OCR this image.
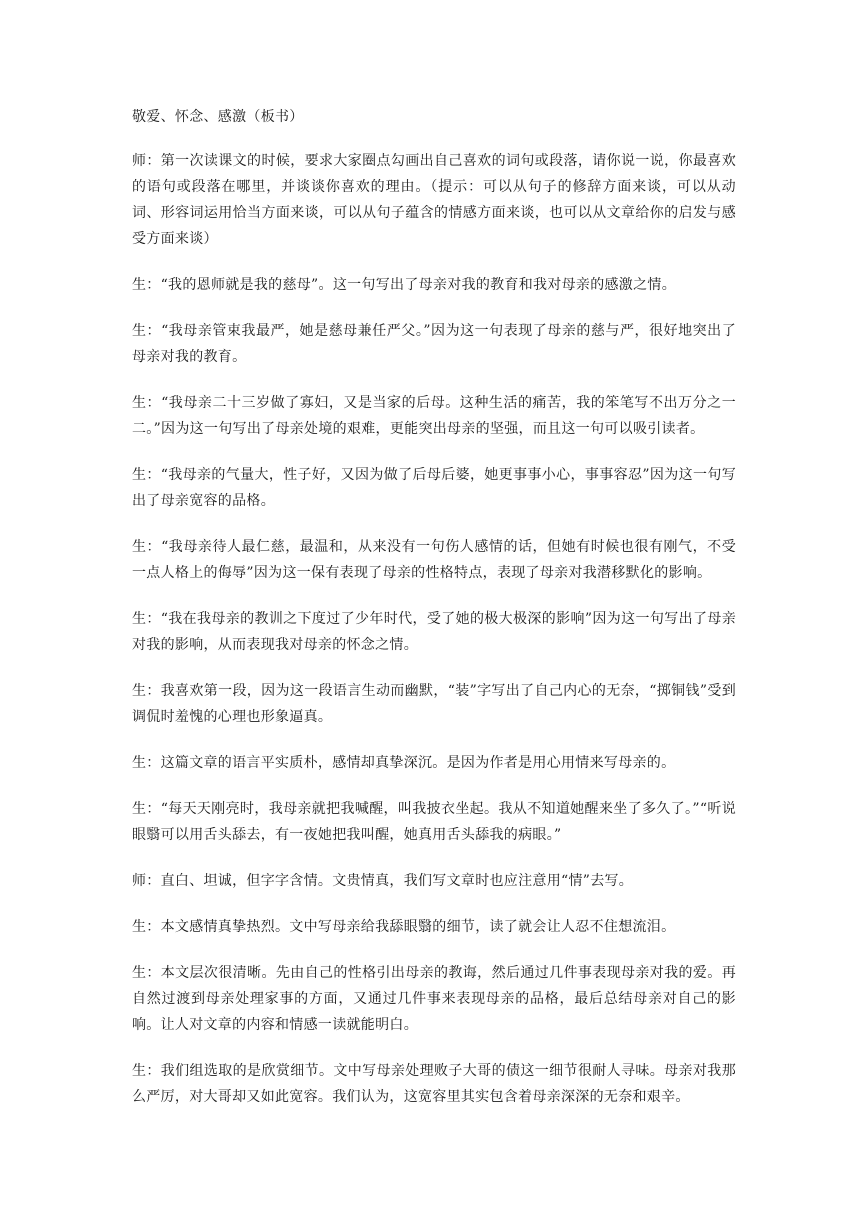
敬爱、怀念、感激（板书）

师：第一次读课文的时候，要求大家圈点勾画出自己喜欢的词句或段落，请你说一说，你最喜欢的语句或段落在哪里，并谈谈你喜欢的理由。（提示：可以从句子的修辞方面来谈，可以从动词、形容词运用恰当方面来谈，可以从句子蕴含的情感方面来谈，也可以从文章给你的启发与感受方面来谈）

生：“我的恩师就是我的慈母”。这一句写出了母亲对我的教育和我对母亲的感激之情。

生：“我母亲管束我最严，她是慈母兼任严父。”因为这一句表现了母亲的慈与严，很好地突出了母亲对我的教育。

生：“我母亲二十三岁做了寡妇，又是当家的后母。这种生活的痛苦，我的笨笔写不出万分之一二。”因为这一句写出了母亲处境的艰难，更能突出母亲的坚强，而且这一句可以吸引读者。

生：“我母亲的气量大，性子好，又因为做了后母后婆，她更事事小心，事事容忍”因为这一句写出了母亲宽容的品格。

生：“我母亲待人最仁慈，最温和，从来没有一句伤人感情的话，但她有时候也很有刚气，不受一点人格上的侮辱”因为这一保有表现了母亲的性格特点，表现了母亲对我潜移默化的影响。

生：“我在我母亲的教训之下度过了少年时代，受了她的极大极深的影响”因为这一句写出了母亲对我的影响，从而表现我对母亲的怀念之情。

生：我喜欢第一段，因为这一段语言生动而幽默，“装”字写出了自己内心的无奈，“掷铜钱”受到调侃时羞愧的心理也形象逼真。

生：这篇文章的语言平实质朴，感情却真挚深沉。是因为作者是用心用情来写母亲的。

生：“每天天刚亮时，我母亲就把我喊醒，叫我披衣坐起。我从不知道她醒来坐了多久了。”“听说眼翳可以用舌头舔去，有一夜她把我叫醒，她真用舌头舔我的病眼。”

师：直白、坦诚，但字字含情。文贵情真，我们写文章时也应注意用“情”去写。

生：本文感情真挚热烈。文中写母亲给我舔眼翳的细节，读了就会让人忍不住想流泪。

生：本文层次很清晰。先由自己的性格引出母亲的教诲，然后通过几件事表现母亲对我的爱。再自然过渡到母亲处理家事的方面，又通过几件事来表现母亲的品格，最后总结母亲对自己的影响。让人对文章的内容和情感一读就能明白。

生：我们组选取的是欣赏细节。文中写母亲处理败子大哥的债这一细节很耐人寻味。母亲对我那么严厉，对大哥却又如此宽容。我们认为，这宽容里其实包含着母亲深深的无奈和艰辛。
